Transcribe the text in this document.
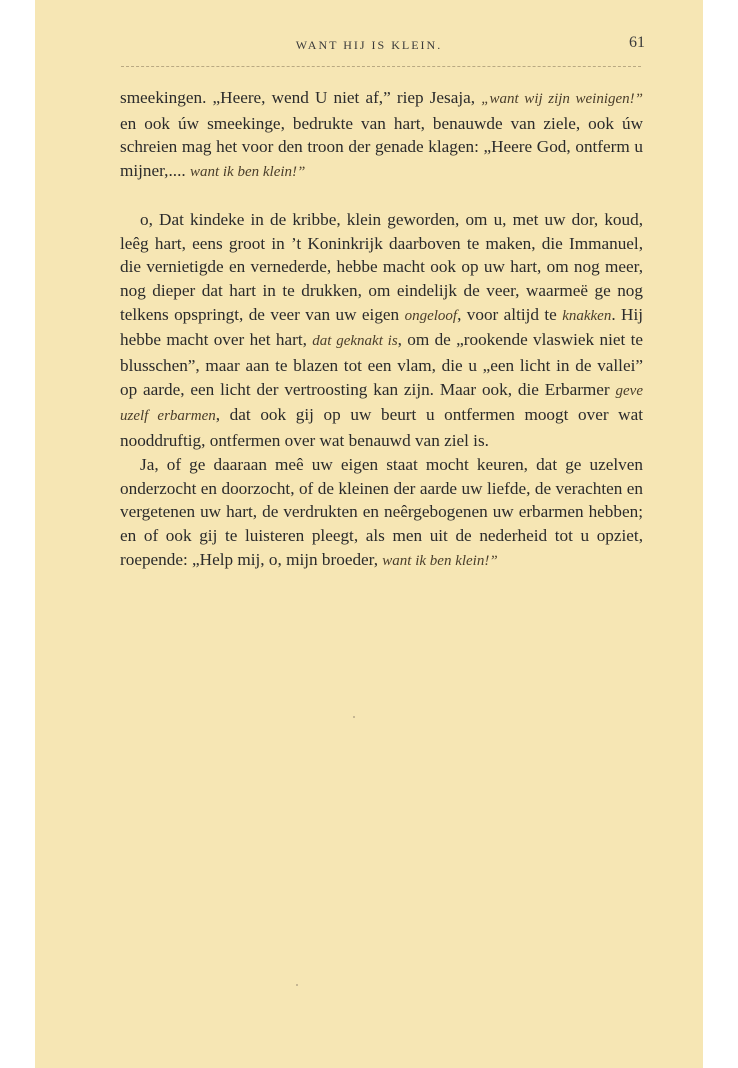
WANT HIJ IS KLEIN.	61

smeekingen. „Heere, wend U niet af,” riep Jesaja, „want wij zijn weinigen!” en ook úw smeekinge, bedrukte van hart, benauwde van ziele, ook úw schreien mag het voor den troon der genade klagen: „Heere God, ontferm u mijner,.... want ik ben klein!”

o, Dat kindeke in de kribbe, klein geworden, om u, met uw dor, koud, leêg hart, eens groot in ’t Koninkrijk daarboven te maken, die Immanuel, die vernietigde en vernederde, hebbe macht ook op uw hart, om nog meer, nog dieper dat hart in te drukken, om eindelijk de veer, waarmeë ge nog telkens opspringt, de veer van uw eigen ongeloof, voor altijd te knakken. Hij hebbe macht over het hart, dat geknakt is, om de „rookende vlaswiek niet te blusschen”, maar aan te blazen tot een vlam, die u „een licht in de vallei” op aarde, een licht der vertroosting kan zijn. Maar ook, die Erbarmer geve uzelf erbarmen, dat ook gij op uw beurt u ontfermen moogt over wat nooddruftig, ontfermen over wat benauwd van ziel is.

Ja, of ge daaraan meê uw eigen staat mocht keuren, dat ge uzelven onderzocht en doorzocht, of de kleinen der aarde uw liefde, de verachten en vergetenen uw hart, de verdrukten en neêrgebogenen uw erbarmen hebben; en of ook gij te luisteren pleegt, als men uit de nederheid tot u opziet, roepende: „Help mij, o, mijn broeder, want ik ben klein!”
